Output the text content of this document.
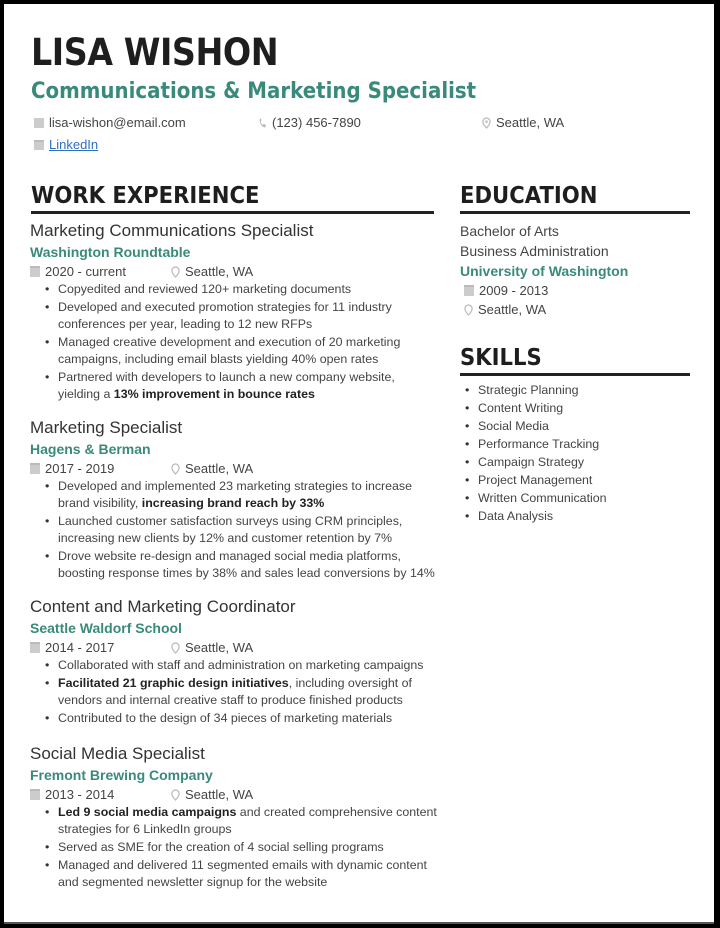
LISA WISHON
Communications & Marketing Specialist
lisa-wishon@email.com	(123) 456-7890	Seattle, WA
LinkedIn
WORK EXPERIENCE
Marketing Communications Specialist
Washington Roundtable
2020 - current	Seattle, WA
• Copyedited and reviewed 120+ marketing documents
• Developed and executed promotion strategies for 11 industry conferences per year, leading to 12 new RFPs
• Managed creative development and execution of 20 marketing campaigns, including email blasts yielding 40% open rates
• Partnered with developers to launch a new company website, yielding a 13% improvement in bounce rates
Marketing Specialist
Hagens & Berman
2017 - 2019	Seattle, WA
• Developed and implemented 23 marketing strategies to increase brand visibility, increasing brand reach by 33%
• Launched customer satisfaction surveys using CRM principles, increasing new clients by 12% and customer retention by 7%
• Drove website re-design and managed social media platforms, boosting response times by 38% and sales lead conversions by 14%
Content and Marketing Coordinator
Seattle Waldorf School
2014 - 2017	Seattle, WA
• Collaborated with staff and administration on marketing campaigns
• Facilitated 21 graphic design initiatives, including oversight of vendors and internal creative staff to produce finished products
• Contributed to the design of 34 pieces of marketing materials
Social Media Specialist
Fremont Brewing Company
2013 - 2014	Seattle, WA
• Led 9 social media campaigns and created comprehensive content strategies for 6 LinkedIn groups
• Served as SME for the creation of 4 social selling programs
• Managed and delivered 11 segmented emails with dynamic content and segmented newsletter signup for the website
EDUCATION
Bachelor of Arts
Business Administration
University of Washington
2009 - 2013
Seattle, WA
SKILLS
• Strategic Planning
• Content Writing
• Social Media
• Performance Tracking
• Campaign Strategy
• Project Management
• Written Communication
• Data Analysis
